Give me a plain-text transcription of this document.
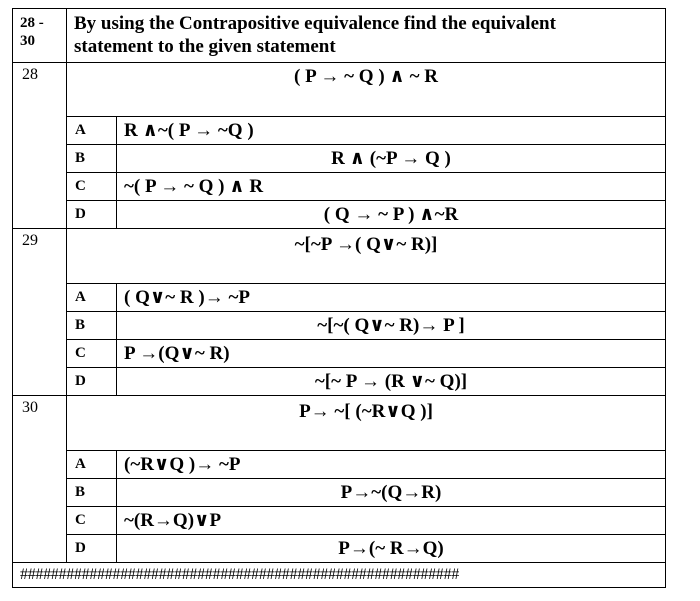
28 -
30
By using the Contrapositive equivalence find the equivalent
statement to the given statement
28	( P → ~ Q ) ∧ ~ R
A R ∧~( P → ~Q )
B	R ∧ (~P → Q )
C ~( P → ~ Q ) ∧ R
D	( Q → ~ P ) ∧~R
29	~[~P →( Q∨~ R)]
A ( Q∨~ R )→ ~P
B	~[~( Q∨~ R)→ P ]
C P →(Q∨~ R)
D	~[~ P → (R ∨~ Q)]
30	P→ ~[ (~R∨Q )]
A (~R∨Q )→ ~P
B	P→~(Q→R)
C ~(R→Q)∨P
D	P→(~ R→Q)
#########################################################
